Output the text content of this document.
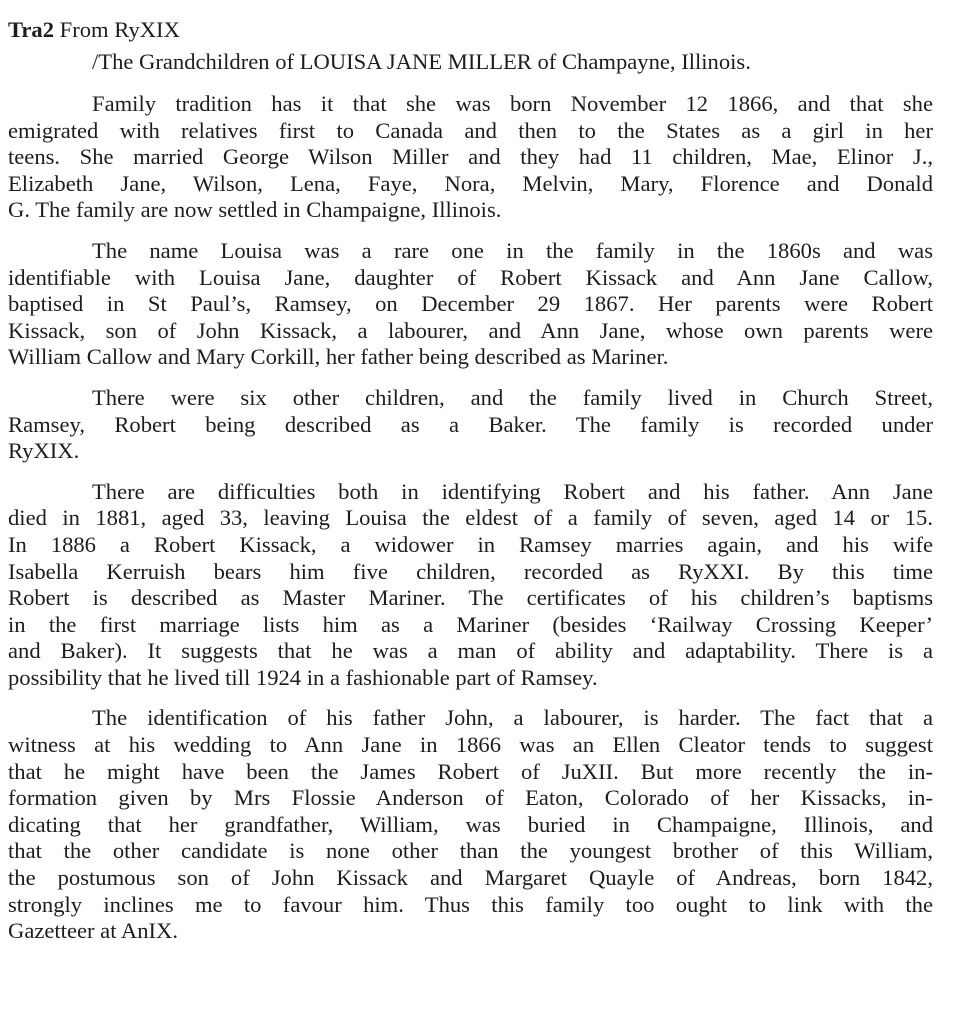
Tra2 From RyXIX
/The Grandchildren of LOUISA JANE MILLER of Champayne, Illinois.
Family tradition has it that she was born November 12 1866, and that she
emigrated with relatives first to Canada and then to the States as a girl in her
teens. She married George Wilson Miller and they had 11 children, Mae, Elinor J.,
Elizabeth Jane, Wilson, Lena, Faye, Nora, Melvin, Mary, Florence and Donald
G. The family are now settled in Champaigne, Illinois.
The name Louisa was a rare one in the family in the 1860s and was
identifiable with Louisa Jane, daughter of Robert Kissack and Ann Jane Callow,
baptised in St Paul’s, Ramsey, on December 29 1867. Her parents were Robert
Kissack, son of John Kissack, a labourer, and Ann Jane, whose own parents were
William Callow and Mary Corkill, her father being described as Mariner.
There were six other children, and the family lived in Church Street,
Ramsey, Robert being described as a Baker. The family is recorded under
RyXIX.
There are difficulties both in identifying Robert and his father. Ann Jane
died in 1881, aged 33, leaving Louisa the eldest of a family of seven, aged 14 or 15.
In 1886 a Robert Kissack, a widower in Ramsey marries again, and his wife
Isabella Kerruish bears him five children, recorded as RyXXI. By this time
Robert is described as Master Mariner. The certificates of his children’s baptisms
in the first marriage lists him as a Mariner (besides ‘Railway Crossing Keeper’
and Baker). It suggests that he was a man of ability and adaptability. There is a
possibility that he lived till 1924 in a fashionable part of Ramsey.
The identification of his father John, a labourer, is harder. The fact that a
witness at his wedding to Ann Jane in 1866 was an Ellen Cleator tends to suggest
that he might have been the James Robert of JuXII. But more recently the in-
formation given by Mrs Flossie Anderson of Eaton, Colorado of her Kissacks, in-
dicating that her grandfather, William, was buried in Champaigne, Illinois, and
that the other candidate is none other than the youngest brother of this William,
the postumous son of John Kissack and Margaret Quayle of Andreas, born 1842,
strongly inclines me to favour him. Thus this family too ought to link with the
Gazetteer at AnIX.
